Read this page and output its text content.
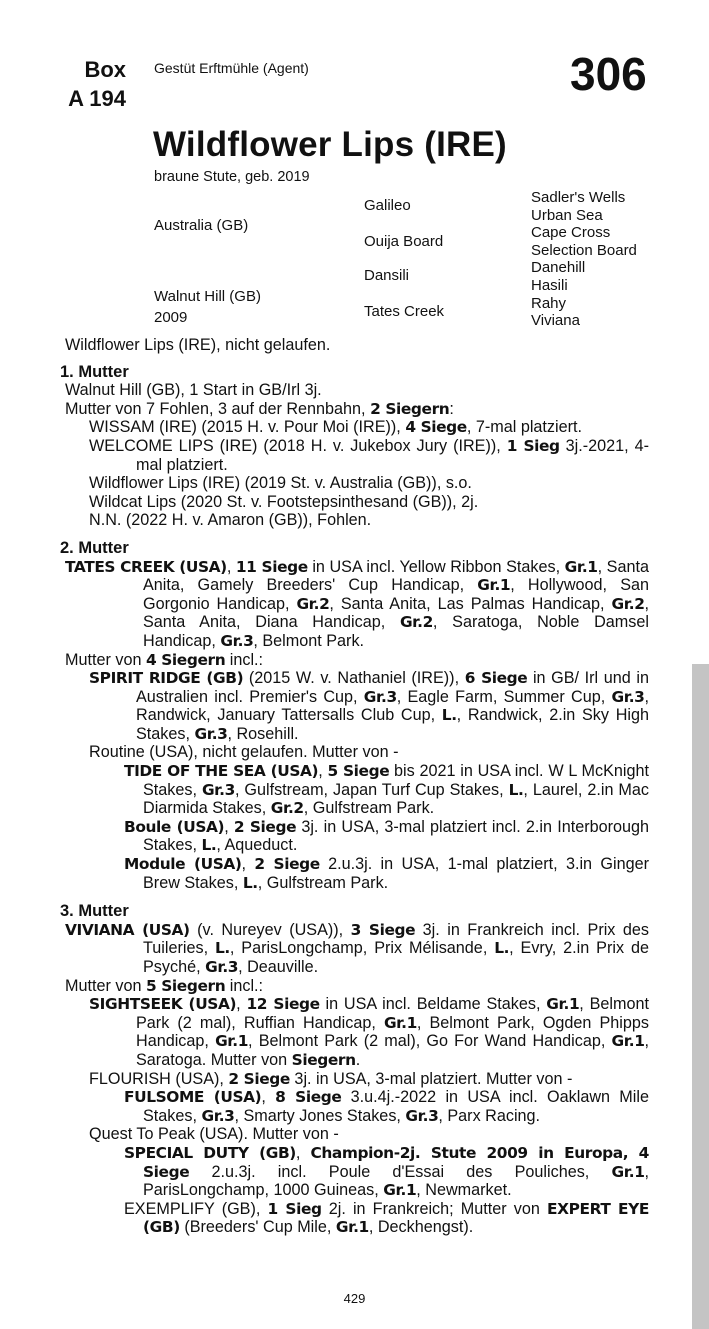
Box
A 194
Gestüt Erftmühle (Agent)	306
Wildflower Lips (IRE)
braune Stute, geb. 2019
Australia (GB)
Walnut Hill (GB)
2009
Galileo
Ouija Board
Dansili
Tates Creek
Sadler's Wells
Urban Sea
Cape Cross
Selection Board
Danehill
Hasili
Rahy
Viviana

Wildflower Lips (IRE), nicht gelaufen.

1. Mutter

Walnut Hill (GB), 1 Start in GB/Irl 3j.

Mutter von 7 Fohlen, 3 auf der Rennbahn, 2 Siegern:

WISSAM (IRE) (2015 H. v. Pour Moi (IRE)), 4 Siege, 7-mal platziert.

WELCOME LIPS (IRE) (2018 H. v. Jukebox Jury (IRE)), 1 Sieg 3j.-2021, 4-mal platziert.

Wildflower Lips (IRE) (2019 St. v. Australia (GB)), s.o.

Wildcat Lips (2020 St. v. Footstepsinthesand (GB)), 2j.

N.N. (2022 H. v. Amaron (GB)), Fohlen.

2. Mutter

TATES CREEK (USA), 11 Siege in USA incl. Yellow Ribbon Stakes, Gr.1, Santa Anita, Gamely Breeders' Cup Handicap, Gr.1, Hollywood, San Gorgonio Handicap, Gr.2, Santa Anita, Las Palmas Handicap, Gr.2, Santa Anita, Diana Handicap, Gr.2, Saratoga, Noble Damsel Handicap, Gr.3, Belmont Park.

Mutter von 4 Siegern incl.:

SPIRIT RIDGE (GB) (2015 W. v. Nathaniel (IRE)), 6 Siege in GB/ Irl und in Australien incl. Premier's Cup, Gr.3, Eagle Farm, Summer Cup, Gr.3, Randwick, January Tattersalls Club Cup, L., Randwick, 2.in Sky High Stakes, Gr.3, Rosehill.

Routine (USA), nicht gelaufen. Mutter von -

TIDE OF THE SEA (USA), 5 Siege bis 2021 in USA incl. W L McKnight Stakes, Gr.3, Gulfstream, Japan Turf Cup Stakes, L., Laurel, 2.in Mac Diarmida Stakes, Gr.2, Gulfstream Park.

Boule (USA), 2 Siege 3j. in USA, 3-mal platziert incl. 2.in Interborough Stakes, L., Aqueduct.

Module (USA), 2 Siege 2.u.3j. in USA, 1-mal platziert, 3.in Ginger Brew Stakes, L., Gulfstream Park.

3. Mutter

VIVIANA (USA) (v. Nureyev (USA)), 3 Siege 3j. in Frankreich incl. Prix des Tuileries, L., ParisLongchamp, Prix Mélisande, L., Evry, 2.in Prix de Psyché, Gr.3, Deauville.

Mutter von 5 Siegern incl.:

SIGHTSEEK (USA), 12 Siege in USA incl. Beldame Stakes, Gr.1, Belmont Park (2 mal), Ruffian Handicap, Gr.1, Belmont Park, Ogden Phipps Handicap, Gr.1, Belmont Park (2 mal), Go For Wand Handicap, Gr.1, Saratoga. Mutter von Siegern.

FLOURISH (USA), 2 Siege 3j. in USA, 3-mal platziert. Mutter von -

FULSOME (USA), 8 Siege 3.u.4j.-2022 in USA incl. Oaklawn Mile Stakes, Gr.3, Smarty Jones Stakes, Gr.3, Parx Racing.

Quest To Peak (USA). Mutter von -

SPECIAL DUTY (GB), Champion-2j. Stute 2009 in Europa, 4 Siege 2.u.3j. incl. Poule d'Essai des Pouliches, Gr.1, ParisLongchamp, 1000 Guineas, Gr.1, Newmarket.

EXEMPLIFY (GB), 1 Sieg 2j. in Frankreich; Mutter von EXPERT EYE (GB) (Breeders' Cup Mile, Gr.1, Deckhengst).

429
